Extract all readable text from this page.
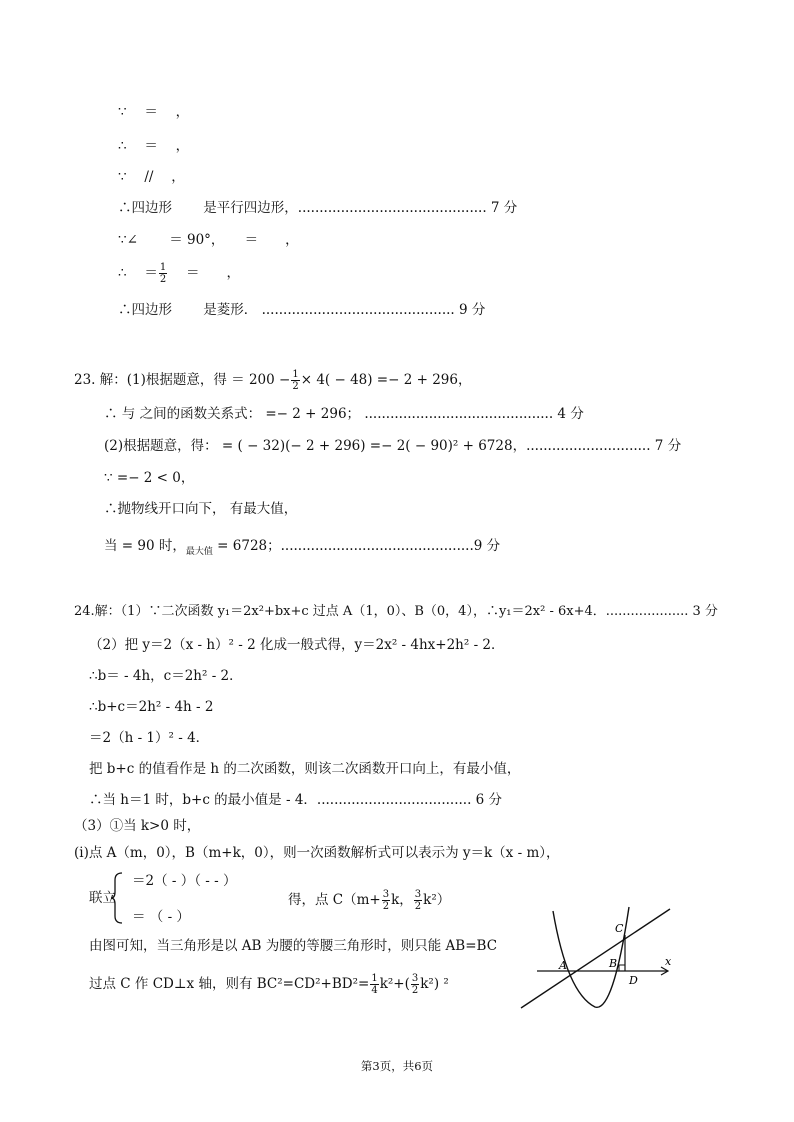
∵ 　＝　 ，
∴ 　＝　 ，
∵ 　//　 ，
∴四边形　　 是平行四边形，............................................ 7 分
∵∠　　 ＝ 90°，　　＝　　，
∴　 ＝ $\frac{1}{2}$ 　 ＝　　，
∴四边形　　 是菱形． ............................................. 9 分
23. 解：(1)根据题意，得 ＝ $200 - \frac{1}{2} \times 4( - 48) =- 2 + 296$，
∴ 与 之间的函数关系式： =− 2 + 296； ............................................ 4 分
(2)根据题意，得： = ( − 32)(− 2 + 296) =− 2( − 90)² + 6728，............................. 7 分
∵ =− 2 < 0，
∴抛物线开口向下， 有最大值，
当 = 90 时，$_{最大值}$ = 6728；.............................................9 分
24.解：（1）∵二次函数 y₁＝2x²+bx+c 过点 A（1，0）、B（0，4），∴y₁＝2x² - 6x+4．.................... 3 分
（2）把 y＝2（x - h）² - 2 化成一般式得，y＝2x² - 4hx+2h² - 2．
∴b＝ - 4h，c＝2h² - 2．
∴b+c＝2h² - 4h - 2
＝2（h - 1）² - 4．
把 b+c 的值看作是 h 的二次函数，则该二次函数开口向上，有最小值，
∴当 h＝1 时，b+c 的最小值是 - 4．.................................... 6 分
（3）①当 k>0 时，
(i)点 A（m，0），B（m+k，0），则一次函数解析式可以表示为 y＝k（x - m），
联立
＝2（ - ）（ - - ）
＝ （ - ）
得，点 $C(m+ \frac{3}{2}$ k， $\frac{3}{2} k^2$）
由图可知，当三角形是以 AB 为腰的等腰三角形时，则只能 AB=BC
过点 C 作 CD⊥x 轴，则有 $BC^2=CD^2+BD^2= \frac{1}{4} k^2+( \frac{3}{2} k^2)$ ²
A	B
C
D
x
第3页，共6页
